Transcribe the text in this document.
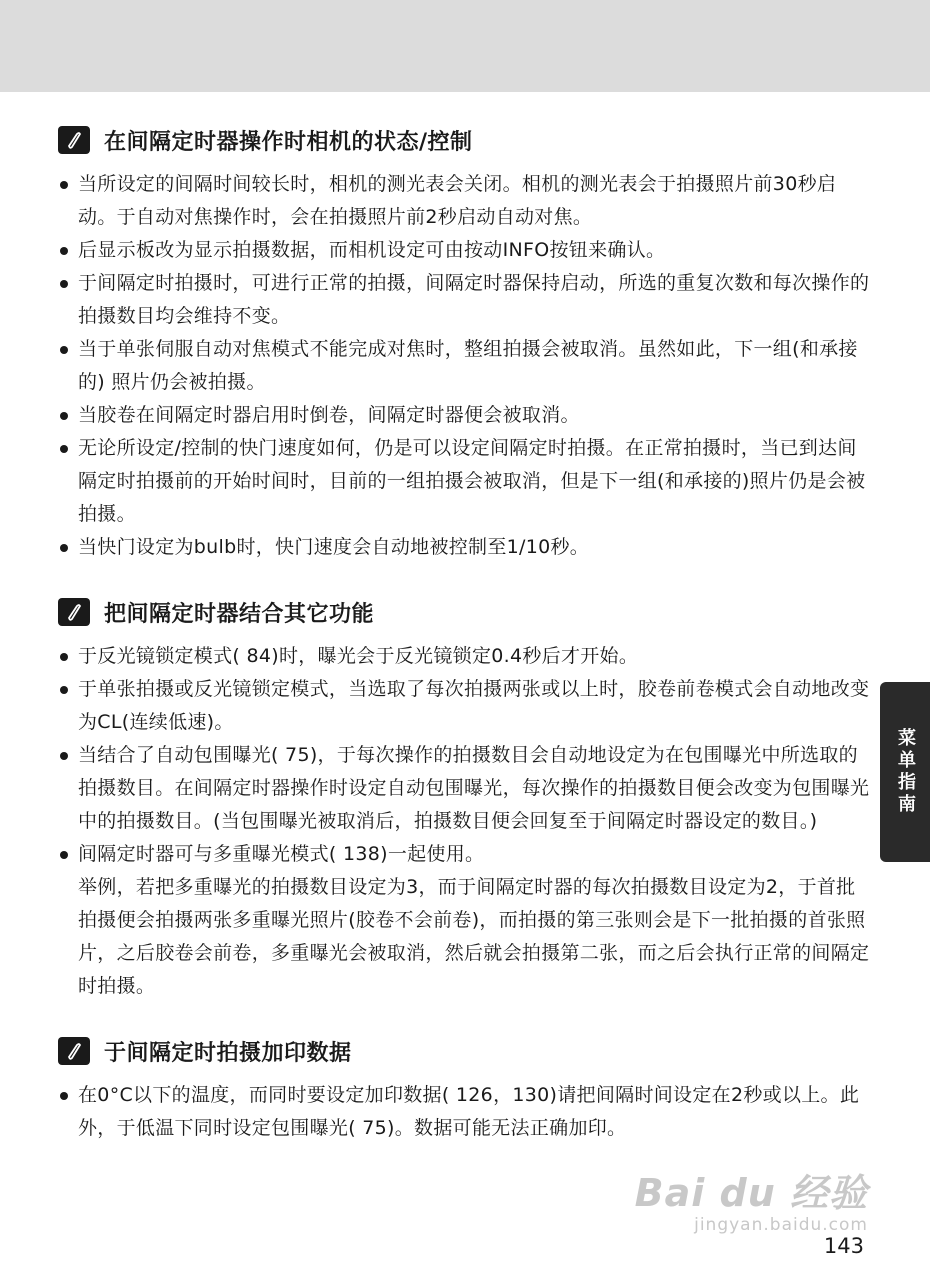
在间隔定时器操作时相机的状态/控制
当所设定的间隔时间较长时，相机的测光表会关闭。相机的测光表会于拍摄照片前30秒启动。于自动对焦操作时，会在拍摄照片前2秒启动自动对焦。
后显示板改为显示拍摄数据，而相机设定可由按动INFO按钮来确认。
于间隔定时拍摄时，可进行正常的拍摄，间隔定时器保持启动，所选的重复次数和每次操作的拍摄数目均会维持不变。
当于单张伺服自动对焦模式不能完成对焦时，整组拍摄会被取消。虽然如此，下一组(和承接的) 照片仍会被拍摄。
当胶卷在间隔定时器启用时倒卷，间隔定时器便会被取消。
无论所设定/控制的快门速度如何，仍是可以设定间隔定时拍摄。在正常拍摄时，当已到达间隔定时拍摄前的开始时间时，目前的一组拍摄会被取消，但是下一组(和承接的)照片仍是会被拍摄。
当快门设定为bulb时，快门速度会自动地被控制至1/10秒。
把间隔定时器结合其它功能
于反光镜锁定模式( 84)时，曝光会于反光镜锁定0.4秒后才开始。
于单张拍摄或反光镜锁定模式，当选取了每次拍摄两张或以上时，胶卷前卷模式会自动地改变为CL(连续低速)。
当结合了自动包围曝光( 75)，于每次操作的拍摄数目会自动地设定为在包围曝光中所选取的拍摄数目。在间隔定时器操作时设定自动包围曝光，每次操作的拍摄数目便会改变为包围曝光中的拍摄数目。(当包围曝光被取消后，拍摄数目便会回复至于间隔定时器设定的数目。)
间隔定时器可与多重曝光模式( 138)一起使用。
举例，若把多重曝光的拍摄数目设定为3，而于间隔定时器的每次拍摄数目设定为2，于首批拍摄便会拍摄两张多重曝光照片(胶卷不会前卷)，而拍摄的第三张则会是下一批拍摄的首张照片，之后胶卷会前卷，多重曝光会被取消，然后就会拍摄第二张，而之后会执行正常的间隔定时拍摄。
于间隔定时拍摄加印数据
在0°C以下的温度，而同时要设定加印数据( 126，130)请把间隔时间设定在2秒或以上。此外，于低温下同时设定包围曝光( 75)。数据可能无法正确加印。
菜单指南
Bai du 经验
jingyan.baidu.com
143
